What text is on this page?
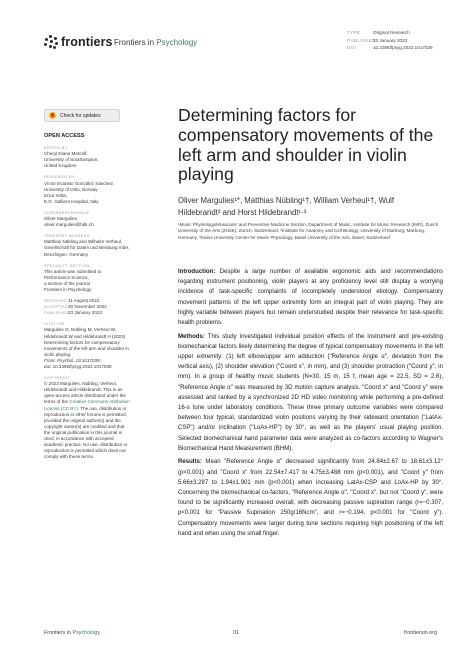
frontiers Frontiers in Psychology
TYPE	Original Research
PUBLISHED23 January 2023
DOI	10.3389/fpsyg.2022.1017039
Check for updates
OPEN ACCESS
EDITED BY
Cheryl Diane Metcalf,
University of Southampton,
United Kingdom
REVIEWED BY
Víctor Evaristo González Sánchez,
University of Oslo, Norway
Erica Volta,
E.O. Galliera Hospital, Italy
*CORRESPONDENCE
Oliver Margulies
oliver.margulies@hdk.ch
†PRESENT ADDRESS
Matthias Nübling and Wilhelm Verheul,
Gesellschaft für Daten und Beratung mbH,
Denzlingen, Germany
SPECIALTY SECTION
This article was submitted to
Performance Science,
a section of the journal
Frontiers in Psychology
RECEIVED11 August 2022
ACCEPTED30 November 2022
PUBLISHED23 January 2023
CITATION
Margulies O, Nübling M, Verheul W,
Hildebrandt W and Hildebrandt H (2023)
Determining factors for compensatory
movements of the left arm and shoulder in
violin playing.
Front. Psychol. 13:1017039.
doi: 10.3389/fpsyg.2022.1017039
COPYRIGHT
© 2023 Margulies, Nübling, Verheul,
Hildebrandt and Hildebrandt. This is an
open-access article distributed under the
terms of the Creative Commons Attribution
License (CC BY). The use, distribution or
reproduction in other forums is permitted,
provided the original author(s) and the
copyright owner(s) are credited and that
the original publication in this journal is
cited, in accordance with accepted
academic practice. No use, distribution or
reproduction is permitted which does not
comply with these terms.
Determining factors for compensatory movements of the left arm and shoulder in violin playing
Oliver Margulies¹*, Matthias Nübling¹†, William Verheul¹†, Wulf
Hildebrandt² and Horst Hildebrandt¹·³
¹Music Physiology/Musicians' and Preventive Medicine Section, Department of Music, Institute for Music Research (IMR), Zurich University of the Arts (ZHdK), Zurich, Switzerland, ²Institute for Anatomy and Cell Biology, University of Marburg, Marburg, Germany, ³Swiss University Center for Music Physiology, Basel University of the Arts, Basel, Switzerland

Introduction: Despite a large number of available ergonomic aids and recommendations regarding instrument positioning, violin players at any proficiency level still display a worrying incidence of task-specific complaints of incompletely understood etiology. Compensatory movement patterns of the left upper extremity form an integral part of violin playing. They are highly variable between players but remain understudied despite their relevance for task-specific health problems.

Methods: This study investigated individual position effects of the instrument and pre-existing biomechanical factors likely determining the degree of typical compensatory movements in the left upper extremity: (1) left elbow/upper arm adduction ("Reference Angle α", deviation from the vertical axis), (2) shoulder elevation ("Coord x", in mm), and (3) shoulder protraction ("Coord y", in mm). In a group of healthy music students (N=30, 15 m, 15 f, mean age = 22.5, SD = 2.6), "Reference Angle α" was measured by 3D motion capture analysis. "Coord x" and "Coord y" were assessed and ranked by a synchronized 2D HD video monitoring while performing a pre-defined 16-s tune under laboratory conditions. These three primary outcome variables were compared between four typical, standardized violin positions varying by their sideward orientation ("LatAx-CSP") and/or inclination ("LoAx-HP") by 30°, as well as the players' usual playing position. Selected biomechanical hand parameter data were analyzed as co-factors according to Wagner's Biomechanical Hand Measurement (BHM).

Results: Mean "Reference Angle α" decreased significantly from 24.84±2.67 to 18.61±3.12° (p<0.001) and "Coord x" from 22.54±7.417 to 4.75±3.488 mm (p<0.001), and "Coord y" from 5.66±3.287 to 1.94±1.901 mm (p<0.001) when increasing LatAx-CSP and LoAx-HP by 30°. Concerning the biomechanical co-factors, "Reference Angle α", "Coord x", but not "Coord y", were found to be significantly increased overall, with decreasing passive supination range (r=−0.307, p<0.001 for "Passive Supination 250g/16Ncm", and r=−0.194, p<0.001 for "Coord y"). Compensatory movements were larger during tune sections requiring high positioning of the left hand and when using the small finger.

Frontiers in Psychology	01	frontiersin.org
